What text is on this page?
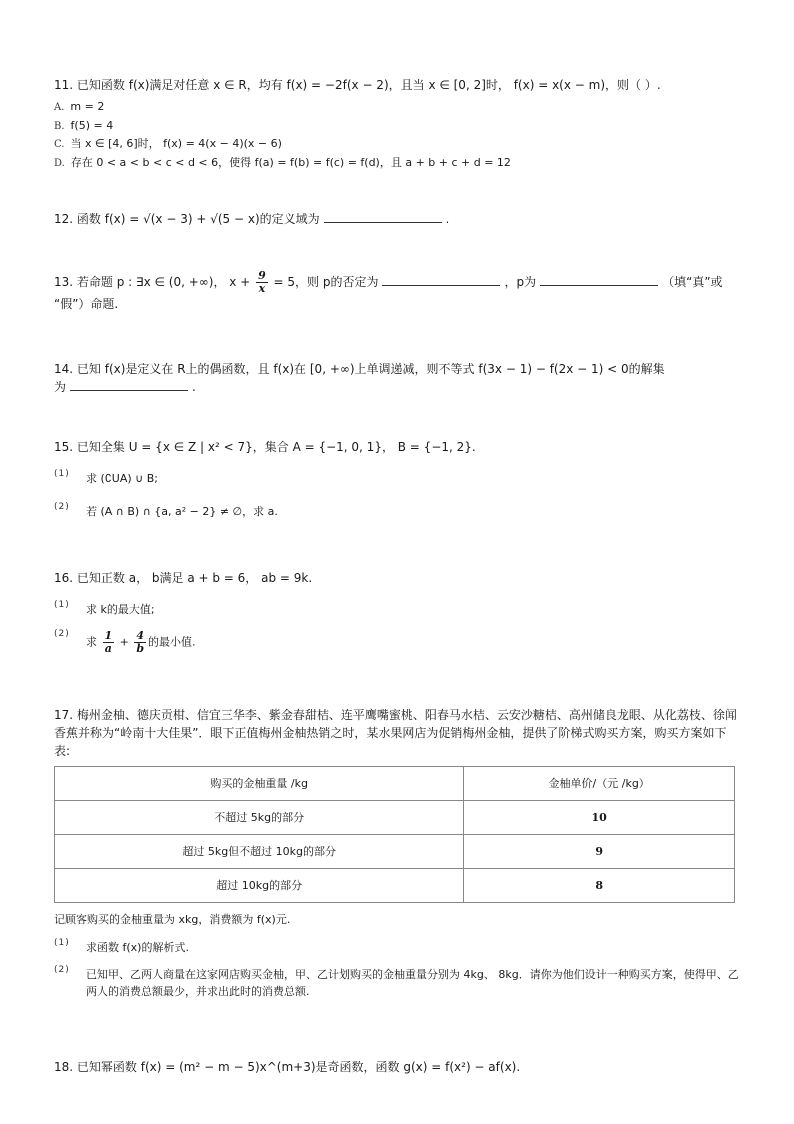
11. 已知函数 f(x)满足对任意 x ∈ R，均有 f(x) = −2f(x − 2)，且当 x ∈ [0, 2]时， f(x) = x(x − m)，则（ ）.
A. m = 2
B. f(5) = 4
C. 当 x ∈ [4, 6]时， f(x) = 4(x − 4)(x − 6)
D. 存在 0 < a < b < c < d < 6，使得 f(a) = f(b) = f(c) = f(d)，且 a + b + c + d = 12
12. 函数 f(x) = √(x − 3) + √(5 − x)的定义域为	.
13. 若命题 p : ∃x ∈ (0, +∞)， $x + \frac{9}{x} = 5$，则 p的否定为	，p为	（填“真”或
“假”）命题.
14. 已知 f(x)是定义在 R上的偶函数，且 f(x)在 [0, +∞)上单调递减，则不等式 f(3x − 1) − f(2x − 1) < 0的解集
为	.
15. 已知全集 U = {x ∈ Z | x² < 7}，集合 A = {−1, 0, 1}， B = {−1, 2}.
(1)	求 (∁UA) ∪ B;
(2)	若 (A ∩ B) ∩ {a, a² − 2} ≠ ∅，求 a.
16. 已知正数 a， b满足 a + b = 6， ab = 9k.
(1)	求 k的最大值;
(2)
求 $\frac{1}{a} + \frac{4}{b}$ 的最小值.
17. 梅州金柚、德庆贡柑、信宜三华李、紫金春甜桔、连平鹰嘴蜜桃、阳春马水桔、云安沙糖桔、高州储良龙眼、从化荔枝、徐闻香蕉并称为“岭南十大佳果”．眼下正值梅州金柚热销之时，某水果网店为促销梅州金柚，提供了阶梯式购买方案，购买方案如下表:
购买的金柚重量 /kg	金柚单价/（元 /kg）
不超过 5kg的部分	10
超过 5kg但不超过 10kg的部分	9
超过 10kg的部分	8
记顾客购买的金柚重量为 xkg，消费额为 f(x)元.
(1)	求函数 f(x)的解析式.
(2)	已知甲、乙两人商量在这家网店购买金柚，甲、乙计划购买的金柚重量分别为 4kg、 8kg．请你为他们设计一种购买方案，使得甲、乙两人的消费总额最少，并求出此时的消费总额.
18. 已知幂函数 f(x) = (m² − m − 5)x^(m+3)是奇函数，函数 g(x) = f(x²) − af(x).
